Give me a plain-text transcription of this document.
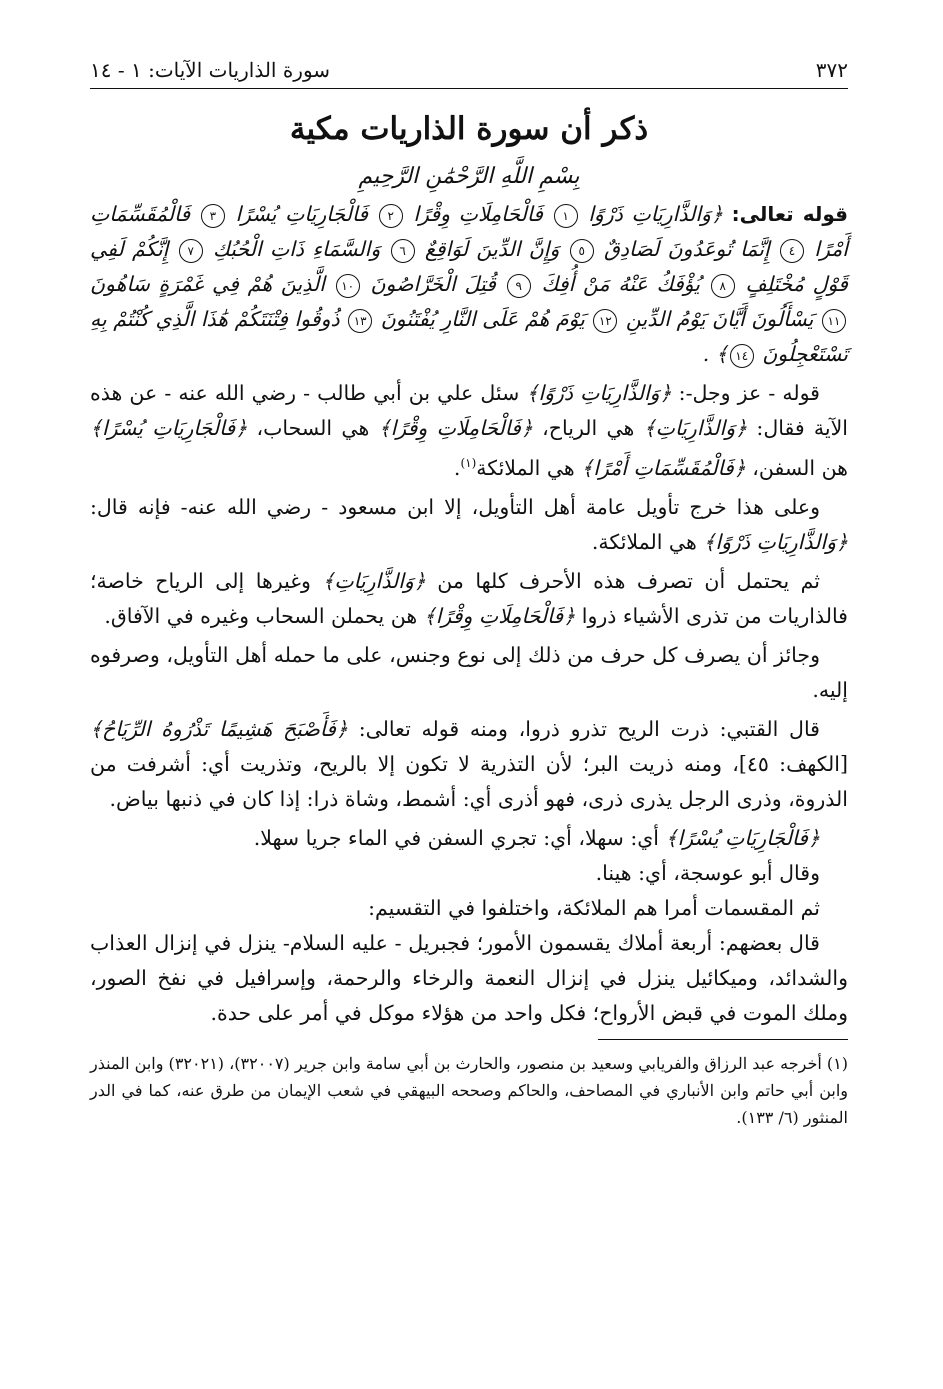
٣٧٢
سورة الذاريات الآيات: ١ - ١٤
ذكر أن سورة الذاريات مكية
بِسْمِ اللَّهِ الرَّحْمَٰنِ الرَّحِيمِ
قوله تعالى: ﴿وَالذَّارِيَاتِ ذَرْوًا ١ فَالْحَامِلَاتِ وِقْرًا ٢ فَالْجَارِيَاتِ يُسْرًا ٣ فَالْمُقَسِّمَاتِ أَمْرًا ٤ إِنَّمَا تُوعَدُونَ لَصَادِقٌ ٥ وَإِنَّ الدِّينَ لَوَاقِعٌ ٦ وَالسَّمَاءِ ذَاتِ الْحُبُكِ ٧ إِنَّكُمْ لَفِي قَوْلٍ مُخْتَلِفٍ ٨ يُؤْفَكُ عَنْهُ مَنْ أُفِكَ ٩ قُتِلَ الْخَرَّاصُونَ ١٠ الَّذِينَ هُمْ فِي غَمْرَةٍ سَاهُونَ ١١ يَسْأَلُونَ أَيَّانَ يَوْمُ الدِّينِ ١٢ يَوْمَ هُمْ عَلَى النَّارِ يُفْتَنُونَ ١٣ ذُوقُوا فِتْنَتَكُمْ هَٰذَا الَّذِي كُنْتُمْ بِهِ تَسْتَعْجِلُونَ ١٤﴾ .

قوله - عز وجل-: ﴿وَالذَّارِيَاتِ ذَرْوًا﴾ سئل علي بن أبي طالب - رضي الله عنه - عن هذه الآية فقال: ﴿وَالذَّارِيَاتِ﴾ هي الرياح، ﴿فَالْحَامِلَاتِ وِقْرًا﴾ هي السحاب، ﴿فَالْجَارِيَاتِ يُسْرًا﴾ هن السفن، ﴿فَالْمُقَسِّمَاتِ أَمْرًا﴾ هي الملائكة$^{(١)}$.

وعلى هذا خرج تأويل عامة أهل التأويل، إلا ابن مسعود - رضي الله عنه- فإنه قال: ﴿وَالذَّارِيَاتِ ذَرْوًا﴾ هي الملائكة.

ثم يحتمل أن تصرف هذه الأحرف كلها من ﴿وَالذَّارِيَاتِ﴾ وغيرها إلى الرياح خاصة؛ فالذاريات من تذرى الأشياء ذروا ﴿فَالْحَامِلَاتِ وِقْرًا﴾ هن يحملن السحاب وغيره في الآفاق.

وجائز أن يصرف كل حرف من ذلك إلى نوع وجنس، على ما حمله أهل التأويل، وصرفوه إليه.

قال القتبي: ذرت الريح تذرو ذروا، ومنه قوله تعالى: ﴿فَأَصْبَحَ هَشِيمًا تَذْرُوهُ الرِّيَاحُ﴾ [الكهف: ٤٥]، ومنه ذريت البر؛ لأن التذرية لا تكون إلا بالريح، وتذريت أي: أشرفت من الذروة، وذرى الرجل يذرى ذرى، فهو أذرى أي: أشمط، وشاة ذرا: إذا كان في ذنبها بياض.

﴿فَالْجَارِيَاتِ يُسْرًا﴾ أي: سهلا، أي: تجري السفن في الماء جريا سهلا.

وقال أبو عوسجة، أي: هينا.

ثم المقسمات أمرا هم الملائكة، واختلفوا في التقسيم:

قال بعضهم: أربعة أملاك يقسمون الأمور؛ فجبريل - عليه السلام- ينزل في إنزال العذاب والشدائد، وميكائيل ينزل في إنزال النعمة والرخاء والرحمة، وإسرافيل في نفخ الصور، وملك الموت في قبض الأرواح؛ فكل واحد من هؤلاء موكل في أمر على حدة.

(١) أخرجه عبد الرزاق والفريابي وسعيد بن منصور، والحارث بن أبي سامة وابن جرير (٣٢٠٠٧)، (٣٢٠٢١) وابن المنذر وابن أبي حاتم وابن الأنباري في المصاحف، والحاكم وصححه البيهقي في شعب الإيمان من طرق عنه، كما في الدر المنثور (٦/ ١٣٣).
